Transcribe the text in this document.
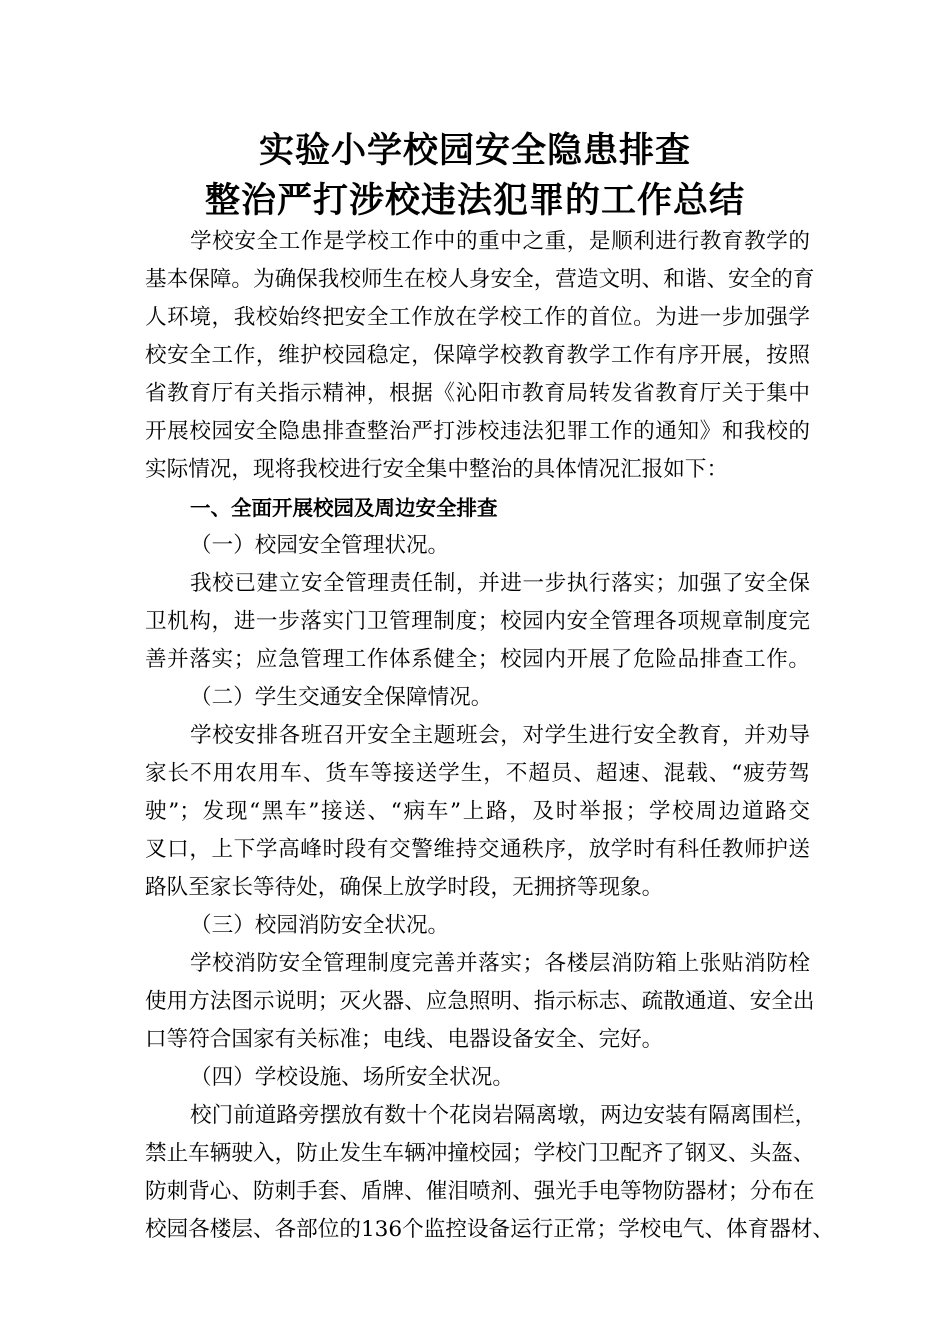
实验小学校园安全隐患排查
整治严打涉校违法犯罪的工作总结

学校安全工作是学校工作中的重中之重，是顺利进行教育教学的
基本保障。为确保我校师生在校人身安全，营造文明、和谐、安全的育
人环境，我校始终把安全工作放在学校工作的首位。为进一步加强学
校安全工作，维护校园稳定，保障学校教育教学工作有序开展，按照
省教育厅有关指示精神，根据《沁阳市教育局转发省教育厅关于集中
开展校园安全隐患排查整治严打涉校违法犯罪工作的通知》和我校的
实际情况，现将我校进行安全集中整治的具体情况汇报如下：

一、全面开展校园及周边安全排查

（一）校园安全管理状况。

我校已建立安全管理责任制，并进一步执行落实；加强了安全保
卫机构，进一步落实门卫管理制度；校园内安全管理各项规章制度完
善并落实；应急管理工作体系健全；校园内开展了危险品排查工作。

（二）学生交通安全保障情况。

学校安排各班召开安全主题班会，对学生进行安全教育，并劝导
家长不用农用车、货车等接送学生，不超员、超速、混载、“疲劳驾
驶”；发现“黑车”接送、“病车”上路，及时举报；学校周边道路交
叉口，上下学高峰时段有交警维持交通秩序，放学时有科任教师护送
路队至家长等待处，确保上放学时段，无拥挤等现象。

（三）校园消防安全状况。

学校消防安全管理制度完善并落实；各楼层消防箱上张贴消防栓
使用方法图示说明；灭火器、应急照明、指示标志、疏散通道、安全出
口等符合国家有关标准；电线、电器设备安全、完好。

（四）学校设施、场所安全状况。

校门前道路旁摆放有数十个花岗岩隔离墩，两边安装有隔离围栏，
禁止车辆驶入，防止发生车辆冲撞校园；学校门卫配齐了钢叉、头盔、
防刺背心、防刺手套、盾牌、催泪喷剂、强光手电等物防器材；分布在
校园各楼层、各部位的136个监控设备运行正常；学校电气、体育器材、
